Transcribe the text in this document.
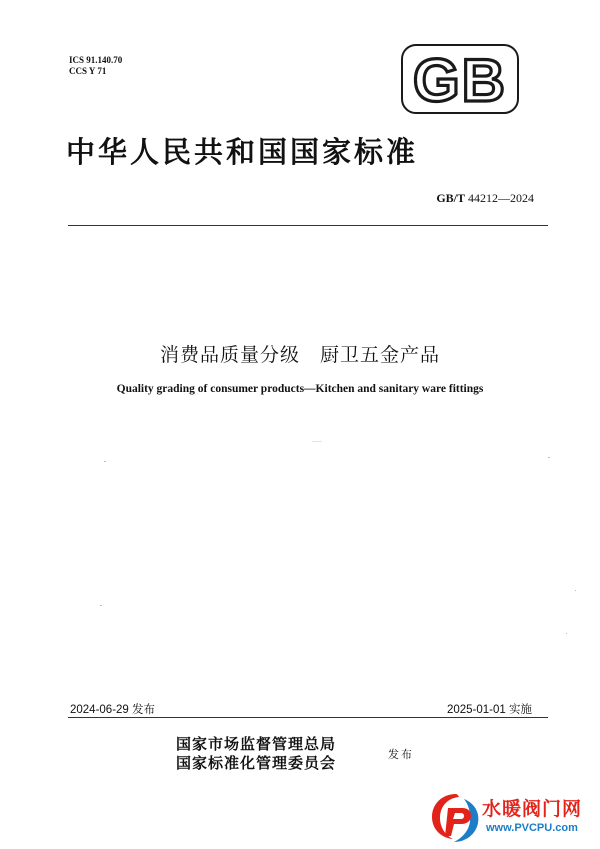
ICS 91.140.70
CCS Y 71	GB
中华人民共和国国家标准
GB/T 44212—2024
消费品质量分级　厨卫五金产品
Quality grading of consumer products—Kitchen and sanitary ware fittings
2024-06-29 发布	2025-01-01 实施
国家市场监督管理总局
国家标准化管理委员会	发布
水暖阀门网
www.PVCPU.com
